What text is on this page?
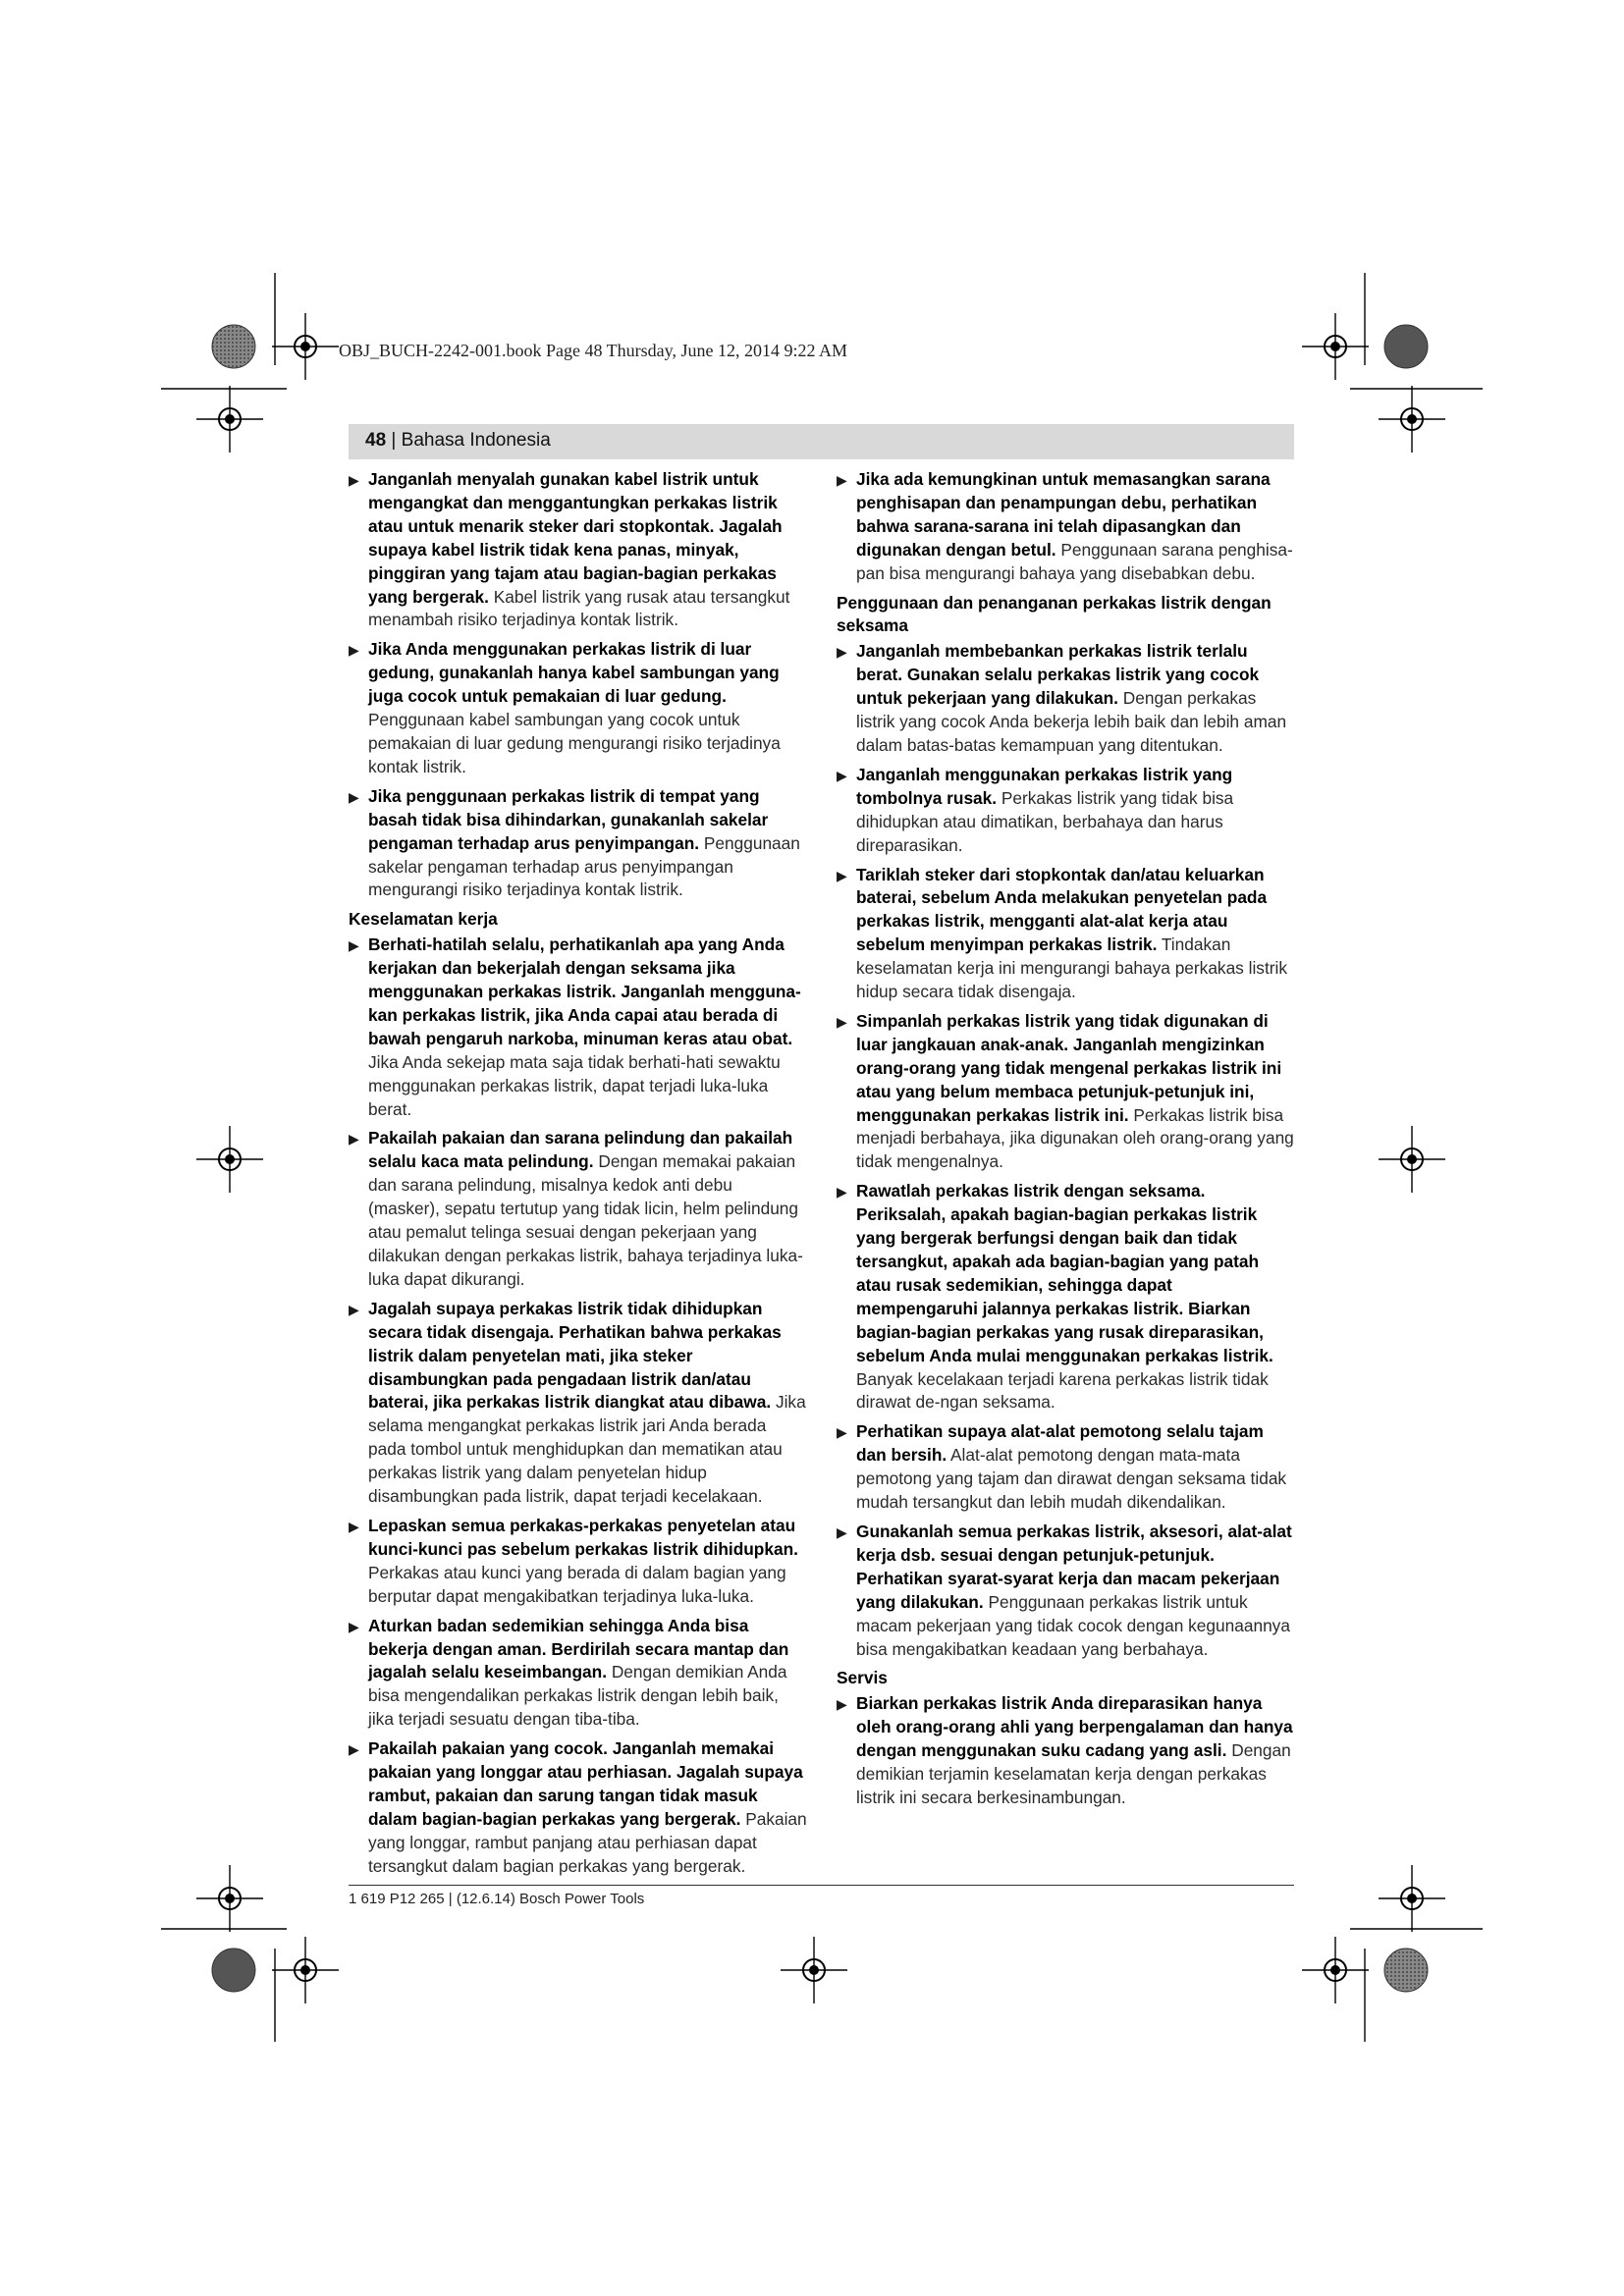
OBJ_BUCH-2242-001.book Page 48 Thursday, June 12, 2014 9:22 AM
48 | Bahasa Indonesia
▶ Janganlah menyalah gunakan kabel listrik untuk mengangkat dan menggantungkan perkakas listrik atau untuk menarik steker dari stopkontak. Jagalah supaya kabel listrik tidak kena panas, minyak, pinggiran yang tajam atau bagian-bagian perkakas yang bergerak. Kabel listrik yang rusak atau tersangkut menambah risiko terjadinya kontak listrik.
▶ Jika Anda menggunakan perkakas listrik di luar gedung, gunakanlah hanya kabel sambungan yang juga cocok untuk pemakaian di luar gedung. Penggunaan kabel sambungan yang cocok untuk pemakaian di luar gedung mengurangi risiko terjadinya kontak listrik.
▶ Jika penggunaan perkakas listrik di tempat yang basah tidak bisa dihindarkan, gunakanlah sakelar pengaman terhadap arus penyimpangan. Penggunaan sakelar pengaman terhadap arus penyimpangan mengurangi risiko terjadinya kontak listrik.
Keselamatan kerja
▶ Berhati-hatilah selalu, perhatikanlah apa yang Anda kerjakan dan bekerjalah dengan seksama jika menggunakan perkakas listrik. Janganlah mengguna-kan perkakas listrik, jika Anda capai atau berada di bawah pengaruh narkoba, minuman keras atau obat. Jika Anda sekejap mata saja tidak berhati-hati sewaktu menggunakan perkakas listrik, dapat terjadi luka-luka berat.
▶ Pakailah pakaian dan sarana pelindung dan pakailah selalu kaca mata pelindung. Dengan memakai pakaian dan sarana pelindung, misalnya kedok anti debu (masker), sepatu tertutup yang tidak licin, helm pelindung atau pemalut telinga sesuai dengan pekerjaan yang dilakukan dengan perkakas listrik, bahaya terjadinya luka-luka dapat dikurangi.
▶ Jagalah supaya perkakas listrik tidak dihidupkan secara tidak disengaja. Perhatikan bahwa perkakas listrik dalam penyetelan mati, jika steker disambungkan pada pengadaan listrik dan/atau baterai, jika perkakas listrik diangkat atau dibawa. Jika selama mengangkat perkakas listrik jari Anda berada pada tombol untuk menghidupkan dan mematikan atau perkakas listrik yang dalam penyetelan hidup disambungkan pada listrik, dapat terjadi kecelakaan.
▶ Lepaskan semua perkakas-perkakas penyetelan atau kunci-kunci pas sebelum perkakas listrik dihidupkan. Perkakas atau kunci yang berada di dalam bagian yang berputar dapat mengakibatkan terjadinya luka-luka.
▶ Aturkan badan sedemikian sehingga Anda bisa bekerja dengan aman. Berdirilah secara mantap dan jagalah selalu keseimbangan. Dengan demikian Anda bisa mengendalikan perkakas listrik dengan lebih baik, jika terjadi sesuatu dengan tiba-tiba.
▶ Pakailah pakaian yang cocok. Janganlah memakai pakaian yang longgar atau perhiasan. Jagalah supaya rambut, pakaian dan sarung tangan tidak masuk dalam bagian-bagian perkakas yang bergerak. Pakaian yang longgar, rambut panjang atau perhiasan dapat tersangkut dalam bagian perkakas yang bergerak.
▶ Jika ada kemungkinan untuk memasangkan sarana penghisapan dan penampungan debu, perhatikan bahwa sarana-sarana ini telah dipasangkan dan digunakan dengan betul. Penggunaan sarana penghisa-pan bisa mengurangi bahaya yang disebabkan debu.
Penggunaan dan penanganan perkakas listrik dengan seksama
▶ Janganlah membebankan perkakas listrik terlalu berat. Gunakan selalu perkakas listrik yang cocok untuk pekerjaan yang dilakukan. Dengan perkakas listrik yang cocok Anda bekerja lebih baik dan lebih aman dalam batas-batas kemampuan yang ditentukan.
▶ Janganlah menggunakan perkakas listrik yang tombolnya rusak. Perkakas listrik yang tidak bisa dihidupkan atau dimatikan, berbahaya dan harus direparasikan.
▶ Tariklah steker dari stopkontak dan/atau keluarkan baterai, sebelum Anda melakukan penyetelan pada perkakas listrik, mengganti alat-alat kerja atau sebelum menyimpan perkakas listrik. Tindakan keselamatan kerja ini mengurangi bahaya perkakas listrik hidup secara tidak disengaja.
▶ Simpanlah perkakas listrik yang tidak digunakan di luar jangkauan anak-anak. Janganlah mengizinkan orang-orang yang tidak mengenal perkakas listrik ini atau yang belum membaca petunjuk-petunjuk ini, menggunakan perkakas listrik ini. Perkakas listrik bisa menjadi berbahaya, jika digunakan oleh orang-orang yang tidak mengenalnya.
▶ Rawatlah perkakas listrik dengan seksama. Periksalah, apakah bagian-bagian perkakas listrik yang bergerak berfungsi dengan baik dan tidak tersangkut, apakah ada bagian-bagian yang patah atau rusak sedemikian, sehingga dapat mempengaruhi jalannya perkakas listrik. Biarkan bagian-bagian perkakas yang rusak direparasikan, sebelum Anda mulai menggunakan perkakas listrik. Banyak kecelakaan terjadi karena perkakas listrik tidak dirawat de-ngan seksama.
▶ Perhatikan supaya alat-alat pemotong selalu tajam dan bersih. Alat-alat pemotong dengan mata-mata pemotong yang tajam dan dirawat dengan seksama tidak mudah tersangkut dan lebih mudah dikendalikan.
▶ Gunakanlah semua perkakas listrik, aksesori, alat-alat kerja dsb. sesuai dengan petunjuk-petunjuk. Perhatikan syarat-syarat kerja dan macam pekerjaan yang dilakukan. Penggunaan perkakas listrik untuk macam pekerjaan yang tidak cocok dengan kegunaannya bisa mengakibatkan keadaan yang berbahaya.
Servis
▶ Biarkan perkakas listrik Anda direparasikan hanya oleh orang-orang ahli yang berpengalaman dan hanya dengan menggunakan suku cadang yang asli. Dengan demikian terjamin keselamatan kerja dengan perkakas listrik ini secara berkesinambungan.
1 619 P12 265 | (12.6.14) Bosch Power Tools
